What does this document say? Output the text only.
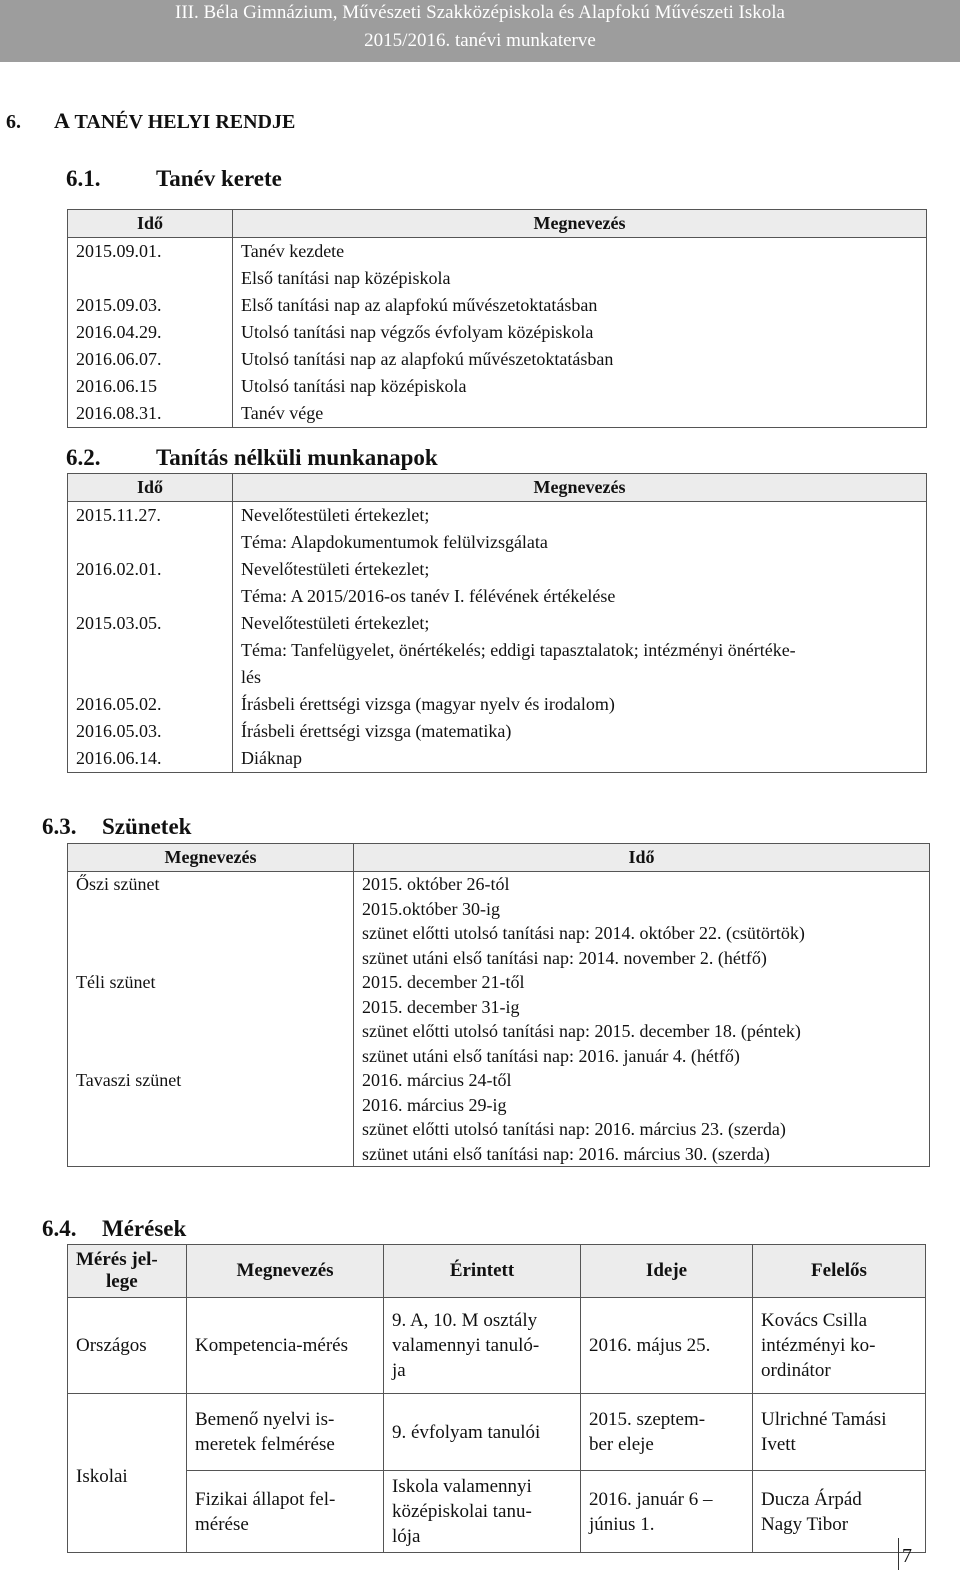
III. Béla Gimnázium, Művészeti Szakközépiskola és Alapfokú Művészeti Iskola
2015/2016. tanévi munkaterve
6. A TANÉV HELYI RENDJE
6.1. Tanév kerete
Idő	Megnevezés

2015.09.01.	Tanév kezdete
Első tanítási nap középiskola

2015.09.03.	Első tanítási nap az alapfokú művészetoktatásban

2016.04.29.	Utolsó tanítási nap végzős évfolyam középiskola

2016.06.07.	Utolsó tanítási nap az alapfokú művészetoktatásban

2016.06.15	Utolsó tanítási nap középiskola

2016.08.31.	Tanév vége
6.2. Tanítás nélküli munkanapok
Idő	Megnevezés

2015.11.27.	Nevelőtestületi értekezlet;
Téma: Alapdokumentumok felülvizsgálata

2016.02.01.	Nevelőtestületi értekezlet;
Téma: A 2015/2016-os tanév I. félévének értékelése

2015.03.05.	Nevelőtestületi értekezlet;
Téma: Tanfelügyelet, önértékelés; eddigi tapasztalatok; intézményi önértéke-
lés

2016.05.02.	Írásbeli érettségi vizsga (magyar nyelv és irodalom)

2016.05.03.	Írásbeli érettségi vizsga (matematika)

2016.06.14.	Diáknap
6.3. Szünetek
Megnevezés	Idő

Őszi szünet	2015. október 26-tól
2015.október 30-ig
szünet előtti utolsó tanítási nap: 2014. október 22. (csütörtök)
szünet utáni első tanítási nap: 2014. november 2. (hétfő)

Téli szünet	2015. december 21-től
2015. december 31-ig
szünet előtti utolsó tanítási nap: 2015. december 18. (péntek)
szünet utáni első tanítási nap: 2016. január 4. (hétfő)

Tavaszi szünet	2016. március 24-től
2016. március 29-ig
szünet előtti utolsó tanítási nap: 2016. március 23. (szerda)
szünet utáni első tanítási nap: 2016. március 30. (szerda)
6.4. Mérések
Mérés jel-
lege	Megnevezés	Érintett	Ideje	Felelős

Országos	Kompetencia-mérés	9. A, 10. M osztály
valamennyi tanuló-
ja	2016. május 25.	Kovács Csilla
intézményi ko-
ordinátor

Iskolai	Bemenő nyelvi is-
meretek felmérése	9. évfolyam tanulói	2015. szeptem-
ber eleje	Ulrichné Tamási
Ivett

	Fizikai állapot fel-
mérése	Iskola valamennyi
középiskolai tanu-
lója	2016. január 6 –
június 1.	Ducza Árpád
Nagy Tibor
7
